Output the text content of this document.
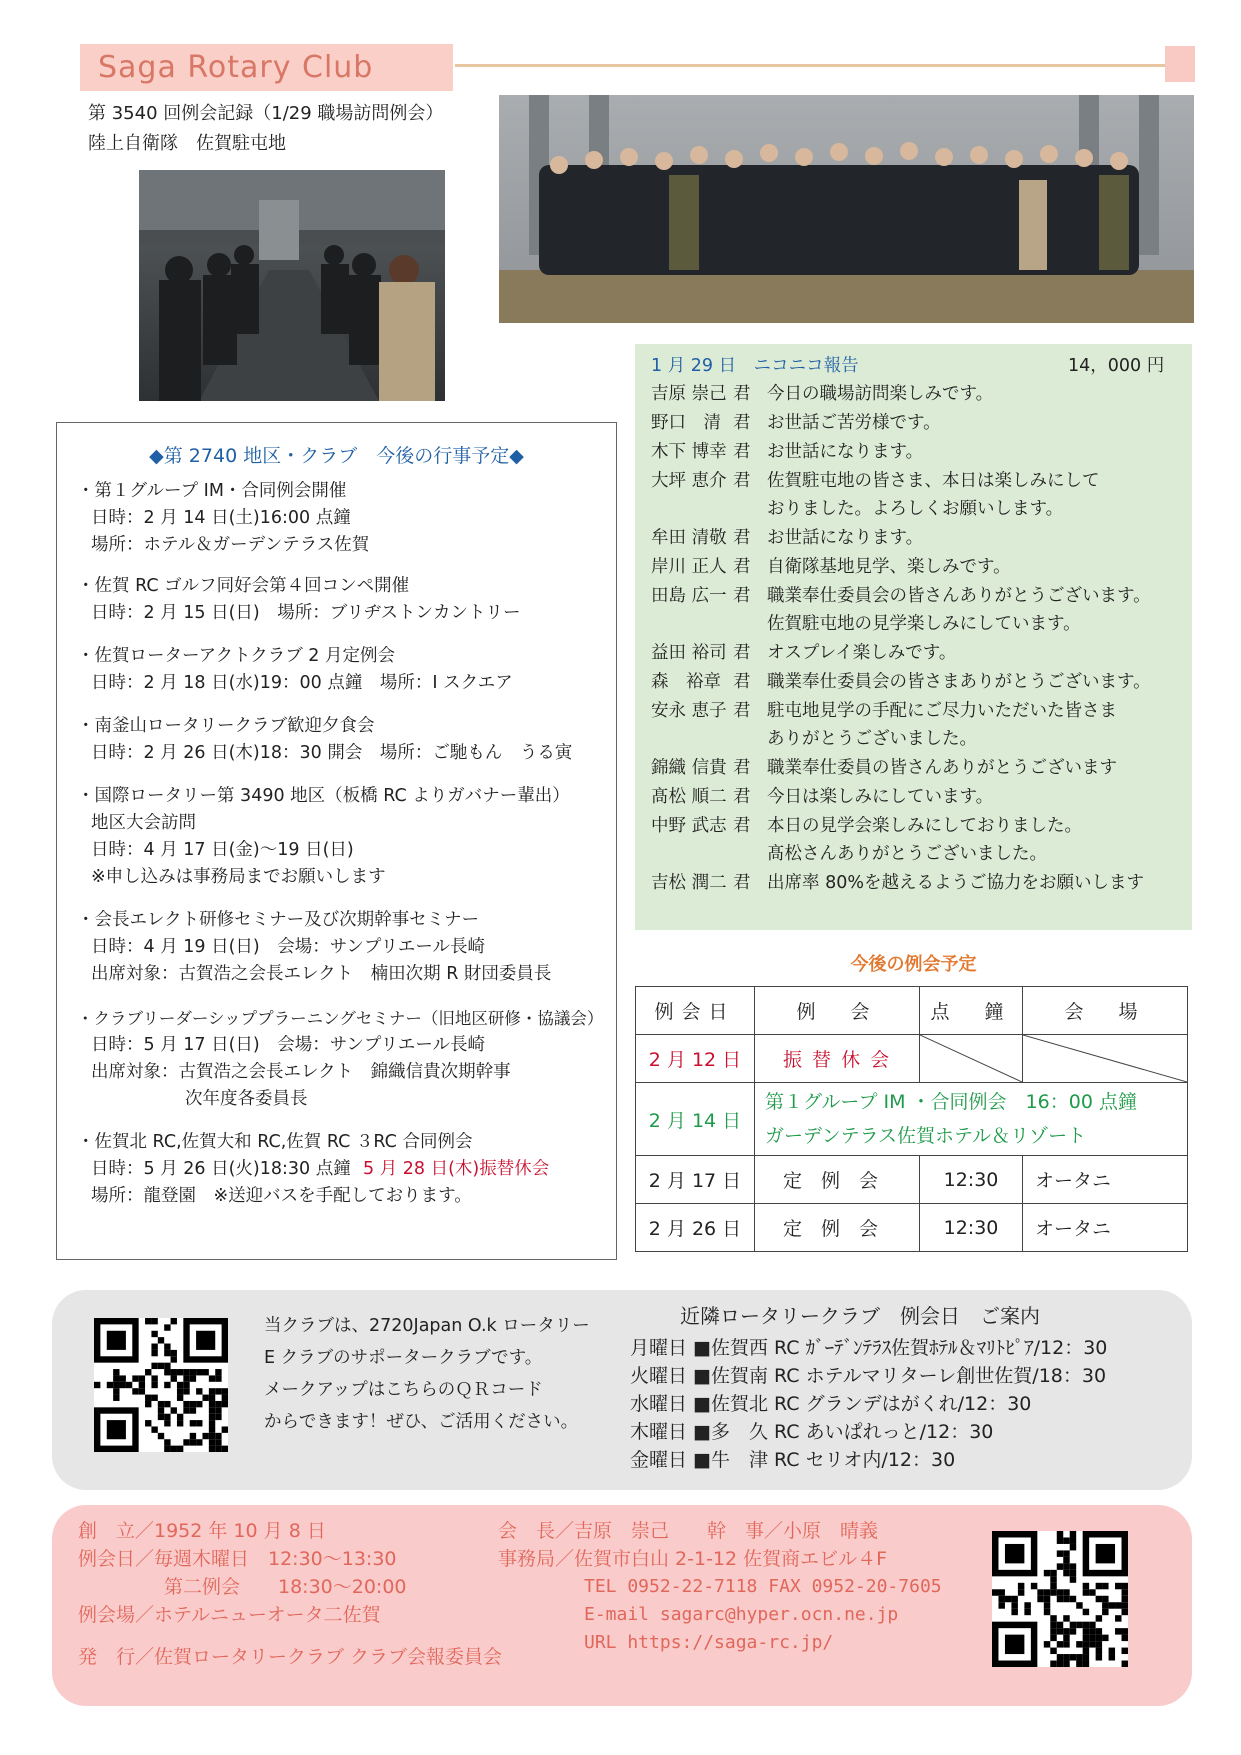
Saga Rotary Club
第 3540 回例会記録（1/29 職場訪問例会）
陸上自衛隊　佐賀駐屯地
◆第 2740 地区・クラブ　今後の行事予定◆
・第１グループ IM・合同例会開催
日時：2 月 14 日(土)16:00 点鐘
場所：ホテル＆ガーデンテラス佐賀
・佐賀 RC ゴルフ同好会第４回コンペ開催
日時：2 月 15 日(日)　場所：ブリヂストンカントリー
・佐賀ローターアクトクラブ 2 月定例会
日時：2 月 18 日(水)19：00 点鐘　場所：I スクエア
・南釜山ロータリークラブ歓迎夕食会
日時：2 月 26 日(木)18：30 開会　場所：ご馳もん　うる寅
・国際ロータリー第 3490 地区（板橋 RC よりガバナー輩出）
地区大会訪問
日時：4 月 17 日(金)～19 日(日)
※申し込みは事務局までお願いします
・会長エレクト研修セミナー及び次期幹事セミナー
日時：4 月 19 日(日)　会場：サンプリエール長崎
出席対象：古賀浩之会長エレクト　楠田次期 R 財団委員長
・クラブリーダーシッププラーニングセミナー（旧地区研修・協議会）
日時：5 月 17 日(日)　会場：サンプリエール長崎
出席対象：古賀浩之会長エレクト　錦織信貴次期幹事
次年度各委員長
・佐賀北 RC,佐賀大和 RC,佐賀 RC ３RC 合同例会
日時：5 月 26 日(火)18:30 点鐘 5 月 28 日(木)振替休会
場所：龍登園　※送迎バスを手配しております。
1 月 29 日　ニコニコ報告	14，000 円
吉原 崇己 君 今日の職場訪問楽しみです。
野口　清 君 お世話ご苦労様です。
木下 博幸 君 お世話になります。
大坪 恵介 君 佐賀駐屯地の皆さま、本日は楽しみにして
おりました。よろしくお願いします。
牟田 清敬 君 お世話になります。
岸川 正人 君 自衛隊基地見学、楽しみです。
田島 広一 君 職業奉仕委員会の皆さんありがとうございます。
佐賀駐屯地の見学楽しみにしています。
益田 裕司 君 オスプレイ楽しみです。
森　裕章 君 職業奉仕委員会の皆さまありがとうございます。
安永 恵子 君 駐屯地見学の手配にご尽力いただいた皆さま
ありがとうございました。
錦織 信貴 君 職業奉仕委員の皆さんありがとうございます
髙松 順二 君 今日は楽しみにしています。
中野 武志 君 本日の見学会楽しみにしておりました。
髙松さんありがとうございました。
吉松 潤二 君 出席率 80%を越えるようご協力をお願いします
今後の例会予定
例会日	例　会	点　鐘	会　場
2 月 12 日	振 替 休 会	

2 月 14 日	第１グループ IM ・合同例会　16：00 点鐘
ガーデンテラス佐賀ホテル＆リゾート		

2 月 17 日	定　例　会	12:30	オータニ
2 月 26 日	定　例　会	12:30	オータニ
当クラブは、2720Japan O.k ロータリー
E クラブのサポータークラブです。
メークアップはこちらのＱＲコード
からできます！ぜひ、ご活用ください。
近隣ロータリークラブ　例会日　ご案内
月曜日 ■佐賀西 RC ｶﾞｰﾃﾞﾝﾃﾗｽ佐賀ﾎﾃﾙ＆ﾏﾘﾄﾋﾟｱ/12：30
火曜日 ■佐賀南 RC ホテルマリターレ創世佐賀/18：30
水曜日 ■佐賀北 RC グランデはがくれ/12：30
木曜日 ■多　久 RC あいぱれっと/12：30
金曜日 ■牛　津 RC セリオ内/12：30
創　立／1952 年 10 月 8 日
例会日／毎週木曜日　12:30～13:30
第二例会　　18:30～20:00
例会場／ホテルニューオータ二佐賀
発　行／佐賀ロータリークラブ クラブ会報委員会
会　長／吉原　崇己　　幹　事／小原　晴義
事務局／佐賀市白山 2-1-12 佐賀商エビル４F
TEL 0952-22-7118 FAX 0952-20-7605
E-mail sagarc@hyper.ocn.ne.jp
URL https://saga-rc.jp/
